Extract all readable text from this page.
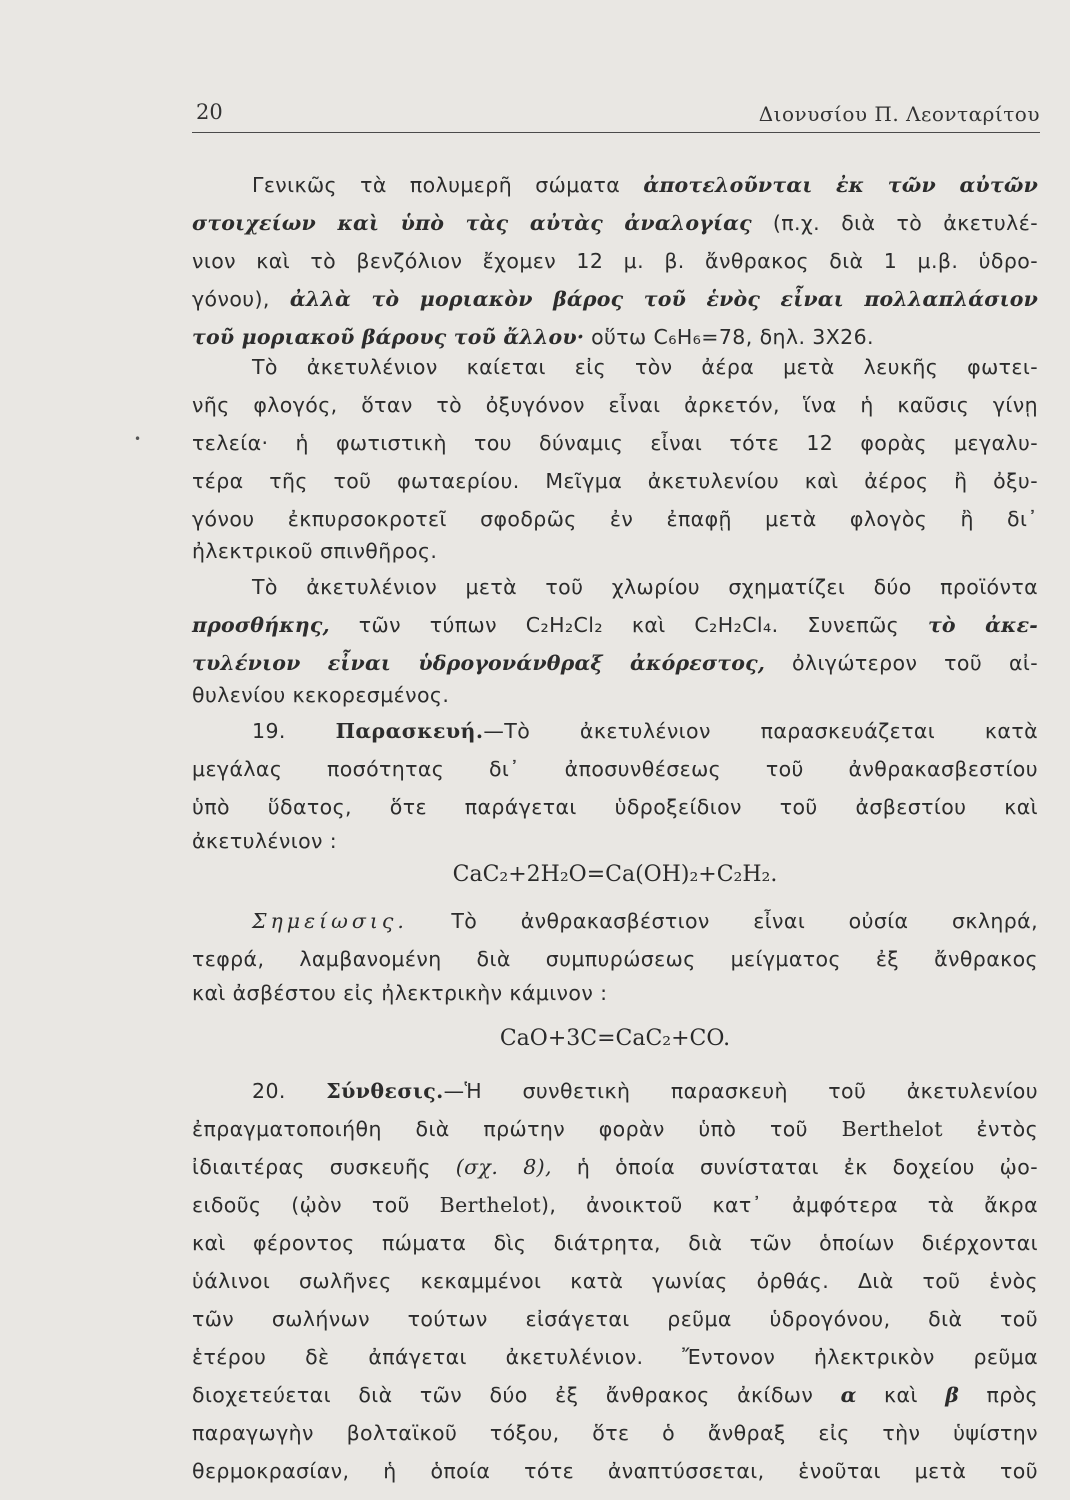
20	Διονυσίου Π. Λεονταρίτου
•
Γενικῶς τὰ πολυμερῆ σώματα ἀποτελοῦνται ἐκ τῶν αὐτῶν
στοιχείων καὶ ὑπὸ τὰς αὐτὰς ἀναλογίας (π.χ. διὰ τὸ ἀκετυλέ-
νιον καὶ τὸ βενζόλιον ἔχομεν 12 μ. β. ἄνθρακος διὰ 1 μ.β. ὑδρο-
γόνου), ἀλλὰ τὸ μοριακὸν βάρος τοῦ ἑνὸς εἶναι πολλαπλάσιον
τοῦ μοριακοῦ βάρους τοῦ ἄλλου· οὕτω C₆H₆=78, δηλ. 3X26.
Τὸ ἀκετυλένιον καίεται εἰς τὸν ἀέρα μετὰ λευκῆς φωτει-
νῆς φλογός, ὅταν τὸ ὀξυγόνον εἶναι ἀρκετόν, ἵνα ἡ καῦσις γίνῃ
τελεία· ἡ φωτιστικὴ του δύναμις εἶναι τότε 12 φορὰς μεγαλυ-
τέρα τῆς τοῦ φωταερίου. Μεῖγμα ἀκετυλενίου καὶ ἀέρος ἢ ὀξυ-
γόνου ἐκπυρσοκροτεῖ σφοδρῶς ἐν ἐπαφῇ μετὰ φλογὸς ἢ δι᾽
ἠλεκτρικοῦ σπινθῆρος.
Τὸ ἀκετυλένιον μετὰ τοῦ χλωρίου σχηματίζει δύο προϊόντα
προσθήκης, τῶν τύπων C₂H₂Cl₂ καὶ C₂H₂Cl₄. Συνεπῶς τὸ ἀκε-
τυλένιον εἶναι ὑδρογονάνθραξ ἀκόρεστος, ὀλιγώτερον τοῦ αἰ-
θυλενίου κεκορεσμένος.
19. Παρασκευή.—Τὸ ἀκετυλένιον παρασκευάζεται κατὰ
μεγάλας ποσότητας δι᾽ ἀποσυνθέσεως τοῦ ἀνθρακασβεστίου
ὑπὸ ὕδατος, ὅτε παράγεται ὑδροξείδιον τοῦ ἀσβεστίου καὶ
ἀκετυλένιον :
CaC₂+2H₂O=Ca(OH)₂+C₂H₂.
Σημείωσις. Τὸ ἀνθρακασβέστιον εἶναι οὐσία σκληρά,
τεφρά, λαμβανομένη διὰ συμπυρώσεως μείγματος ἐξ ἄνθρακος
καὶ ἀσβέστου εἰς ἠλεκτρικὴν κάμινον :
CaO+3C=CaC₂+CO.
20. Σύνθεσις.—Ἡ συνθετικὴ παρασκευὴ τοῦ ἀκετυλενίου
ἐπραγματοποιήθη διὰ πρώτην φορὰν ὑπὸ τοῦ Berthelot ἐντὸς
ἰδιαιτέρας συσκευῆς (σχ. 8), ἡ ὁποία συνίσταται ἐκ δοχείου ᾠο-
ειδοῦς (ᾠὸν τοῦ Berthelot), ἀνοικτοῦ κατ᾽ ἀμφότερα τὰ ἄκρα
καὶ φέροντος πώματα δὶς διάτρητα, διὰ τῶν ὁποίων διέρχονται
ὑάλινοι σωλῆνες κεκαμμένοι κατὰ γωνίας ὀρθάς. Διὰ τοῦ ἑνὸς
τῶν σωλήνων τούτων εἰσάγεται ρεῦμα ὑδρογόνου, διὰ τοῦ
ἑτέρου δὲ ἀπάγεται ἀκετυλένιον. Ἔντονον ἠλεκτρικὸν ρεῦμα
διοχετεύεται διὰ τῶν δύο ἐξ ἄνθρακος ἀκίδων α καὶ β πρὸς
παραγωγὴν βολταϊκοῦ τόξου, ὅτε ὁ ἄνθραξ εἰς τὴν ὑψίστην
θερμοκρασίαν, ἡ ὁποία τότε ἀναπτύσσεται, ἑνοῦται μετὰ τοῦ
